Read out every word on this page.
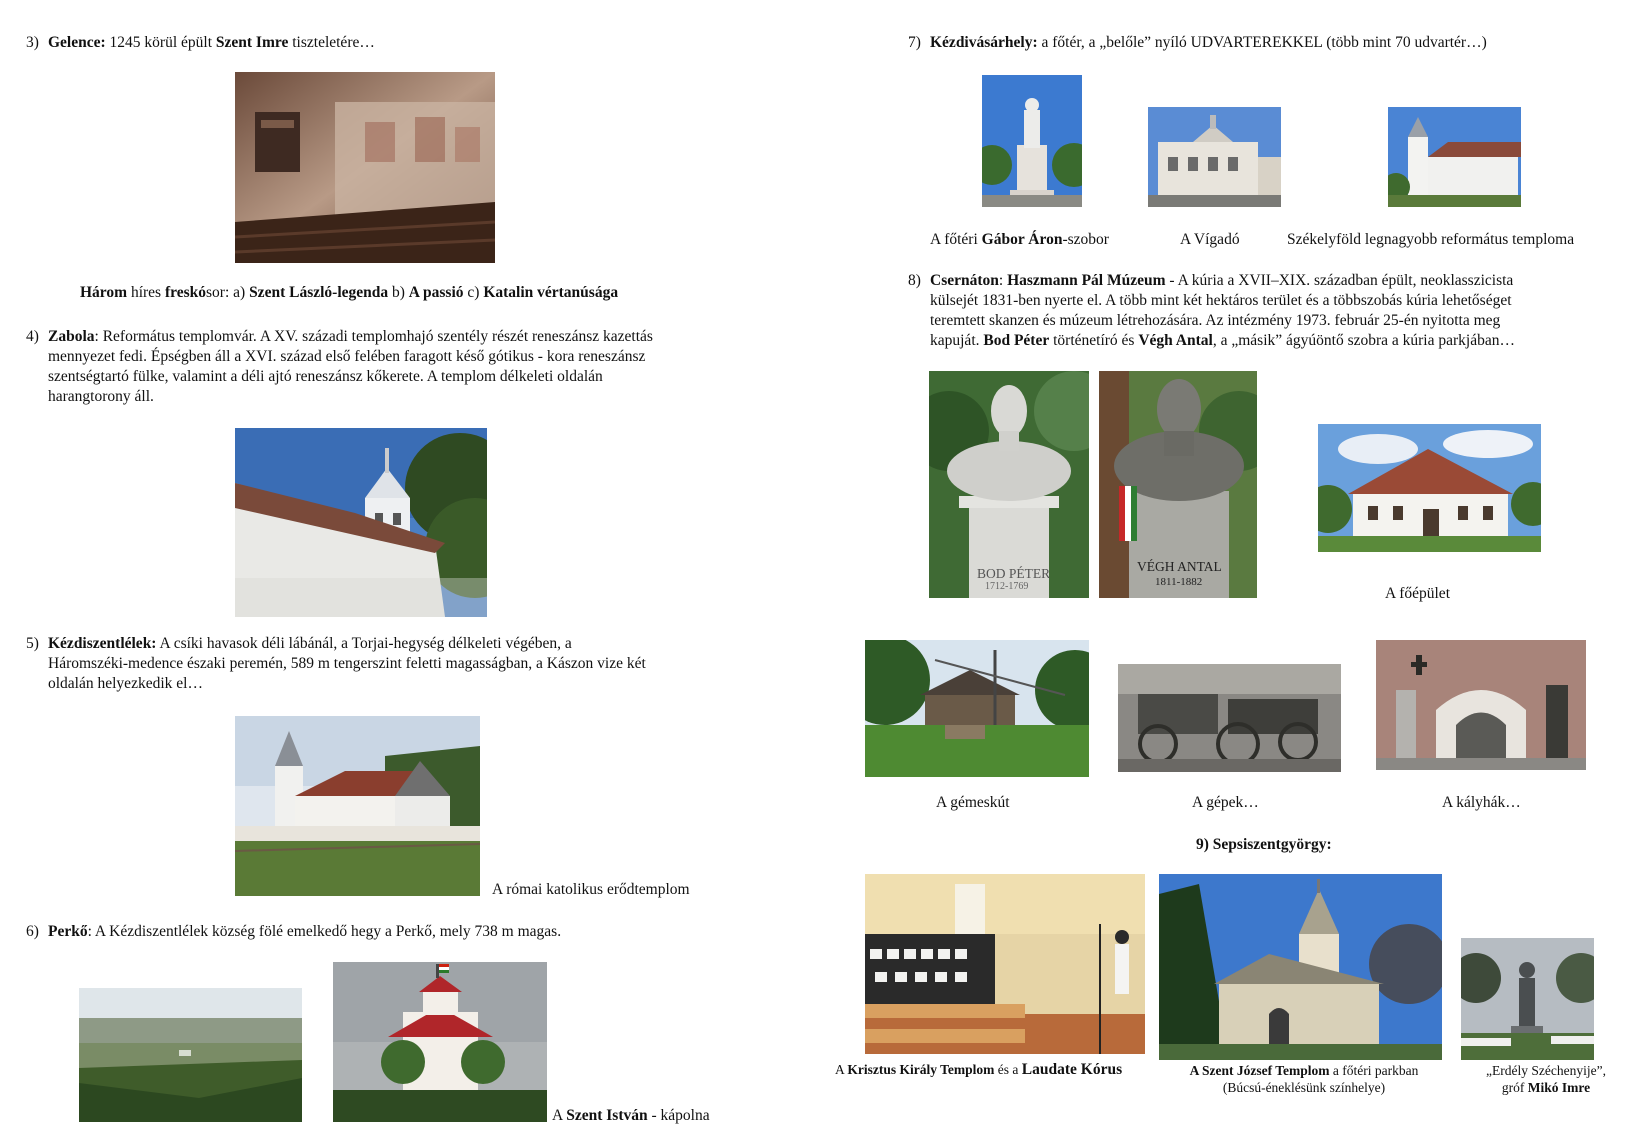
3) Gelence: 1245 körül épült Szent Imre tiszteletére…
Három híres freskósor: a) Szent László-legenda b) A passió c) Katalin vértanúsága
4) Zabola: Református templomvár. A XV. századi templomhajó szentély részét reneszánsz kazettás
mennyezet fedi. Épségben áll a XVI. század első felében faragott késő gótikus - kora reneszánsz
szentségtartó fülke, valamint a déli ajtó reneszánsz kőkerete. A templom délkeleti oldalán
harangtorony áll.
5) Kézdiszentlélek: A csíki havasok déli lábánál, a Torjai-hegység délkeleti végében, a
Háromszéki-medence északi peremén, 589 m tengerszint feletti magasságban, a Kászon vize két
oldalán helyezkedik el…
A római katolikus erődtemplom
6) Perkő: A Kézdiszentlélek község fölé emelkedő hegy a Perkő, mely 738 m magas.
A Szent István - kápolna
7) Kézdivásárhely: a főtér, a „belőle” nyíló UDVARTEREKKEL (több mint 70 udvartér…)
A főtéri Gábor Áron-szobor	A Vígadó	Székelyföld legnagyobb református temploma
8) Csernáton: Haszmann Pál Múzeum - A kúria a XVII–XIX. században épült, neoklasszicista
külsejét 1831-ben nyerte el. A több mint két hektáros terület és a többszobás kúria lehetőséget
teremtett skanzen és múzeum létrehozására. Az intézmény 1973. február 25-én nyitotta meg
kapuját. Bod Péter történetíró és Végh Antal, a „másik” ágyúöntő szobra a kúria parkjában…
BOD PÉTER
1712-1769
VÉGH ANTAL
1811-1882
A főépület
A gémeskút	A gépek…	A kályhák…
9) Sepsiszentgyörgy:
A Krisztus Király Templom és a Laudate Kórus	A Szent József Templom a főtéri parkban
(Búcsú-éneklésünk színhelye)
„Erdély Széchenyije”,
gróf Mikó Imre
